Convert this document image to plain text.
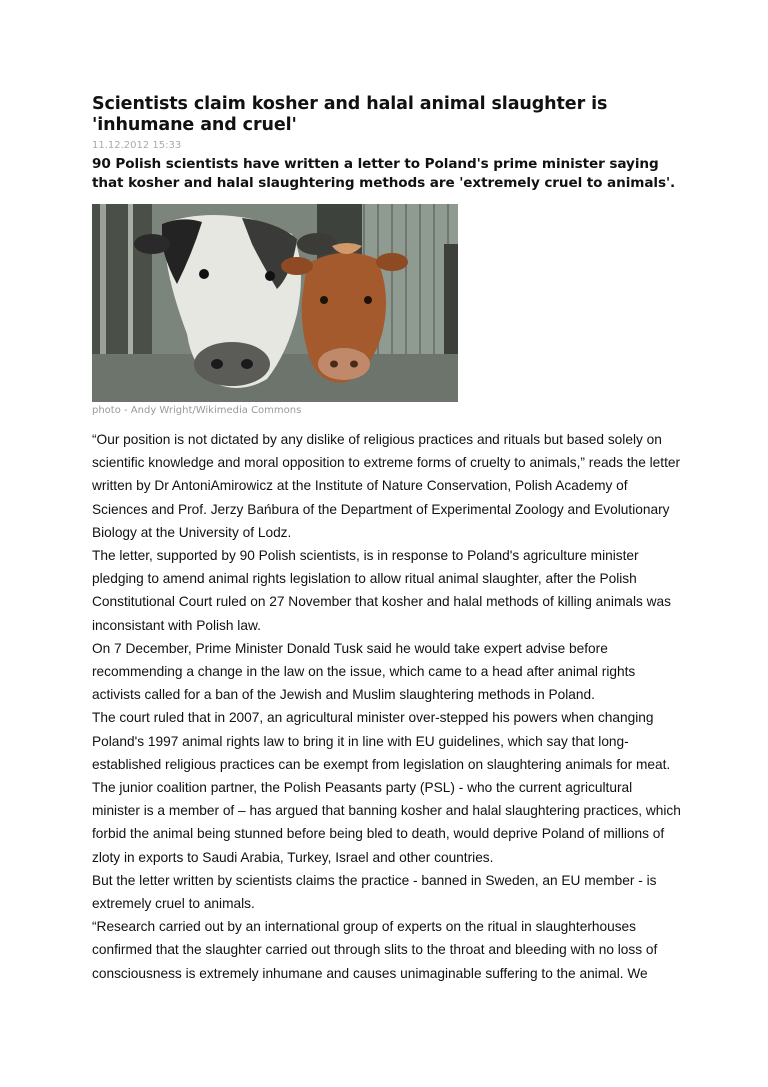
Scientists claim kosher and halal animal slaughter is 'inhumane and cruel'
11.12.2012 15:33

90 Polish scientists have written a letter to Poland's prime minister saying that kosher and halal slaughtering methods are 'extremely cruel to animals'.

photo - Andy Wright/Wikimedia Commons

“Our position is not dictated by any dislike of religious practices and rituals but based solely on scientific knowledge and moral opposition to extreme forms of cruelty to animals,” reads the letter written by Dr AntoniAmirowicz at the Institute of Nature Conservation, Polish Academy of Sciences and Prof. Jerzy Bańbura of the Department of Experimental Zoology and Evolutionary Biology at the University of Lodz.

The letter, supported by 90 Polish scientists, is in response to Poland's agriculture minister pledging to amend animal rights legislation to allow ritual animal slaughter, after the Polish Constitutional Court ruled on 27 November that kosher and halal methods of killing animals was inconsistant with Polish law.

On 7 December, Prime Minister Donald Tusk said he would take expert advise before recommending a change in the law on the issue, which came to a head after animal rights activists called for a ban of the Jewish and Muslim slaughtering methods in Poland.

The court ruled that in 2007, an agricultural minister over-stepped his powers when changing Poland's 1997 animal rights law to bring it in line with EU guidelines, which say that long-established religious practices can be exempt from legislation on slaughtering animals for meat.

The junior coalition partner, the Polish Peasants party (PSL) - who the current agricultural minister is a member of – has argued that banning kosher and halal slaughtering practices, which forbid the animal being stunned before being bled to death, would deprive Poland of millions of zloty in exports to Saudi Arabia, Turkey, Israel and other countries.

But the letter written by scientists claims the practice - banned in Sweden, an EU member - is extremely cruel to animals.

“Research carried out by an international group of experts on the ritual in slaughterhouses confirmed that the slaughter carried out through slits to the throat and bleeding with no loss of consciousness is extremely inhumane and causes unimaginable suffering to the animal. We
